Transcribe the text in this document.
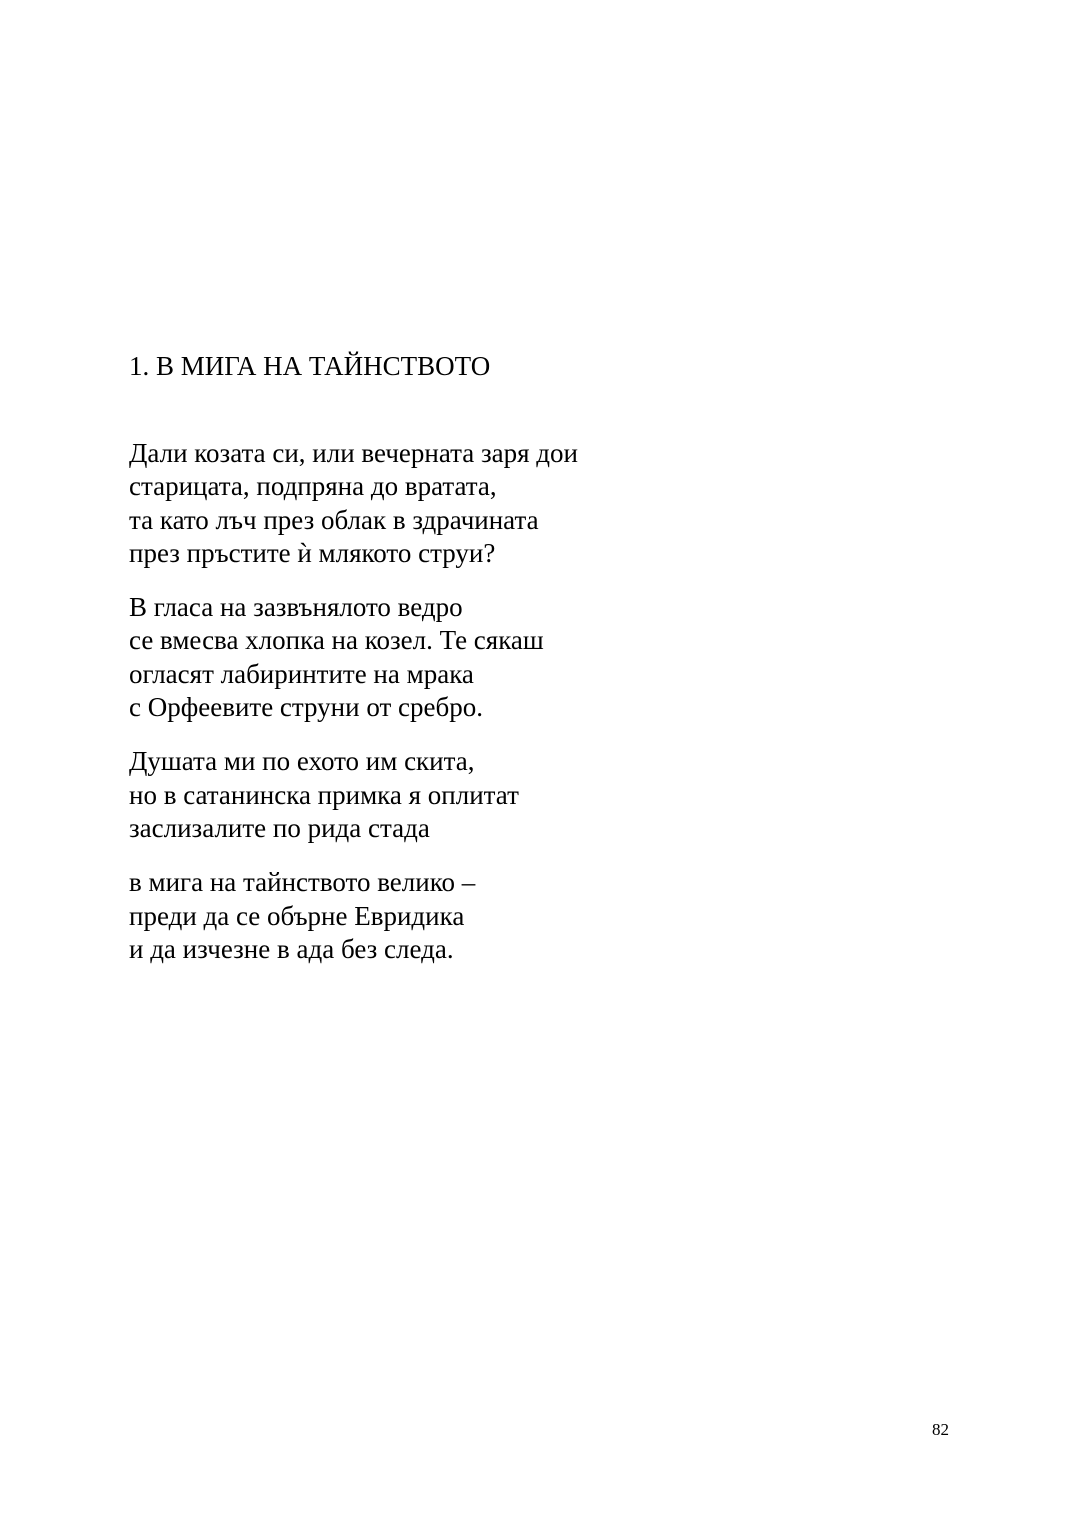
1. В МИГА НА ТАЙНСТВОТО
Дали козата си, или вечерната заря дои
старицата, подпряна до вратата,
та като лъч през облак в здрачината
през пръстите ѝ млякото струи?
В гласа на зазвънялото ведро
се вмесва хлопка на козел. Те сякаш
огласят лабиринтите на мрака
с Орфеевите струни от сребро.
Душата ми по ехото им скита,
но в сатанинска примка я оплитат
заслизалите по рида стада
в мига на тайнството велико –
преди да се обърне Евридика
и да изчезне в ада без следа.
82
